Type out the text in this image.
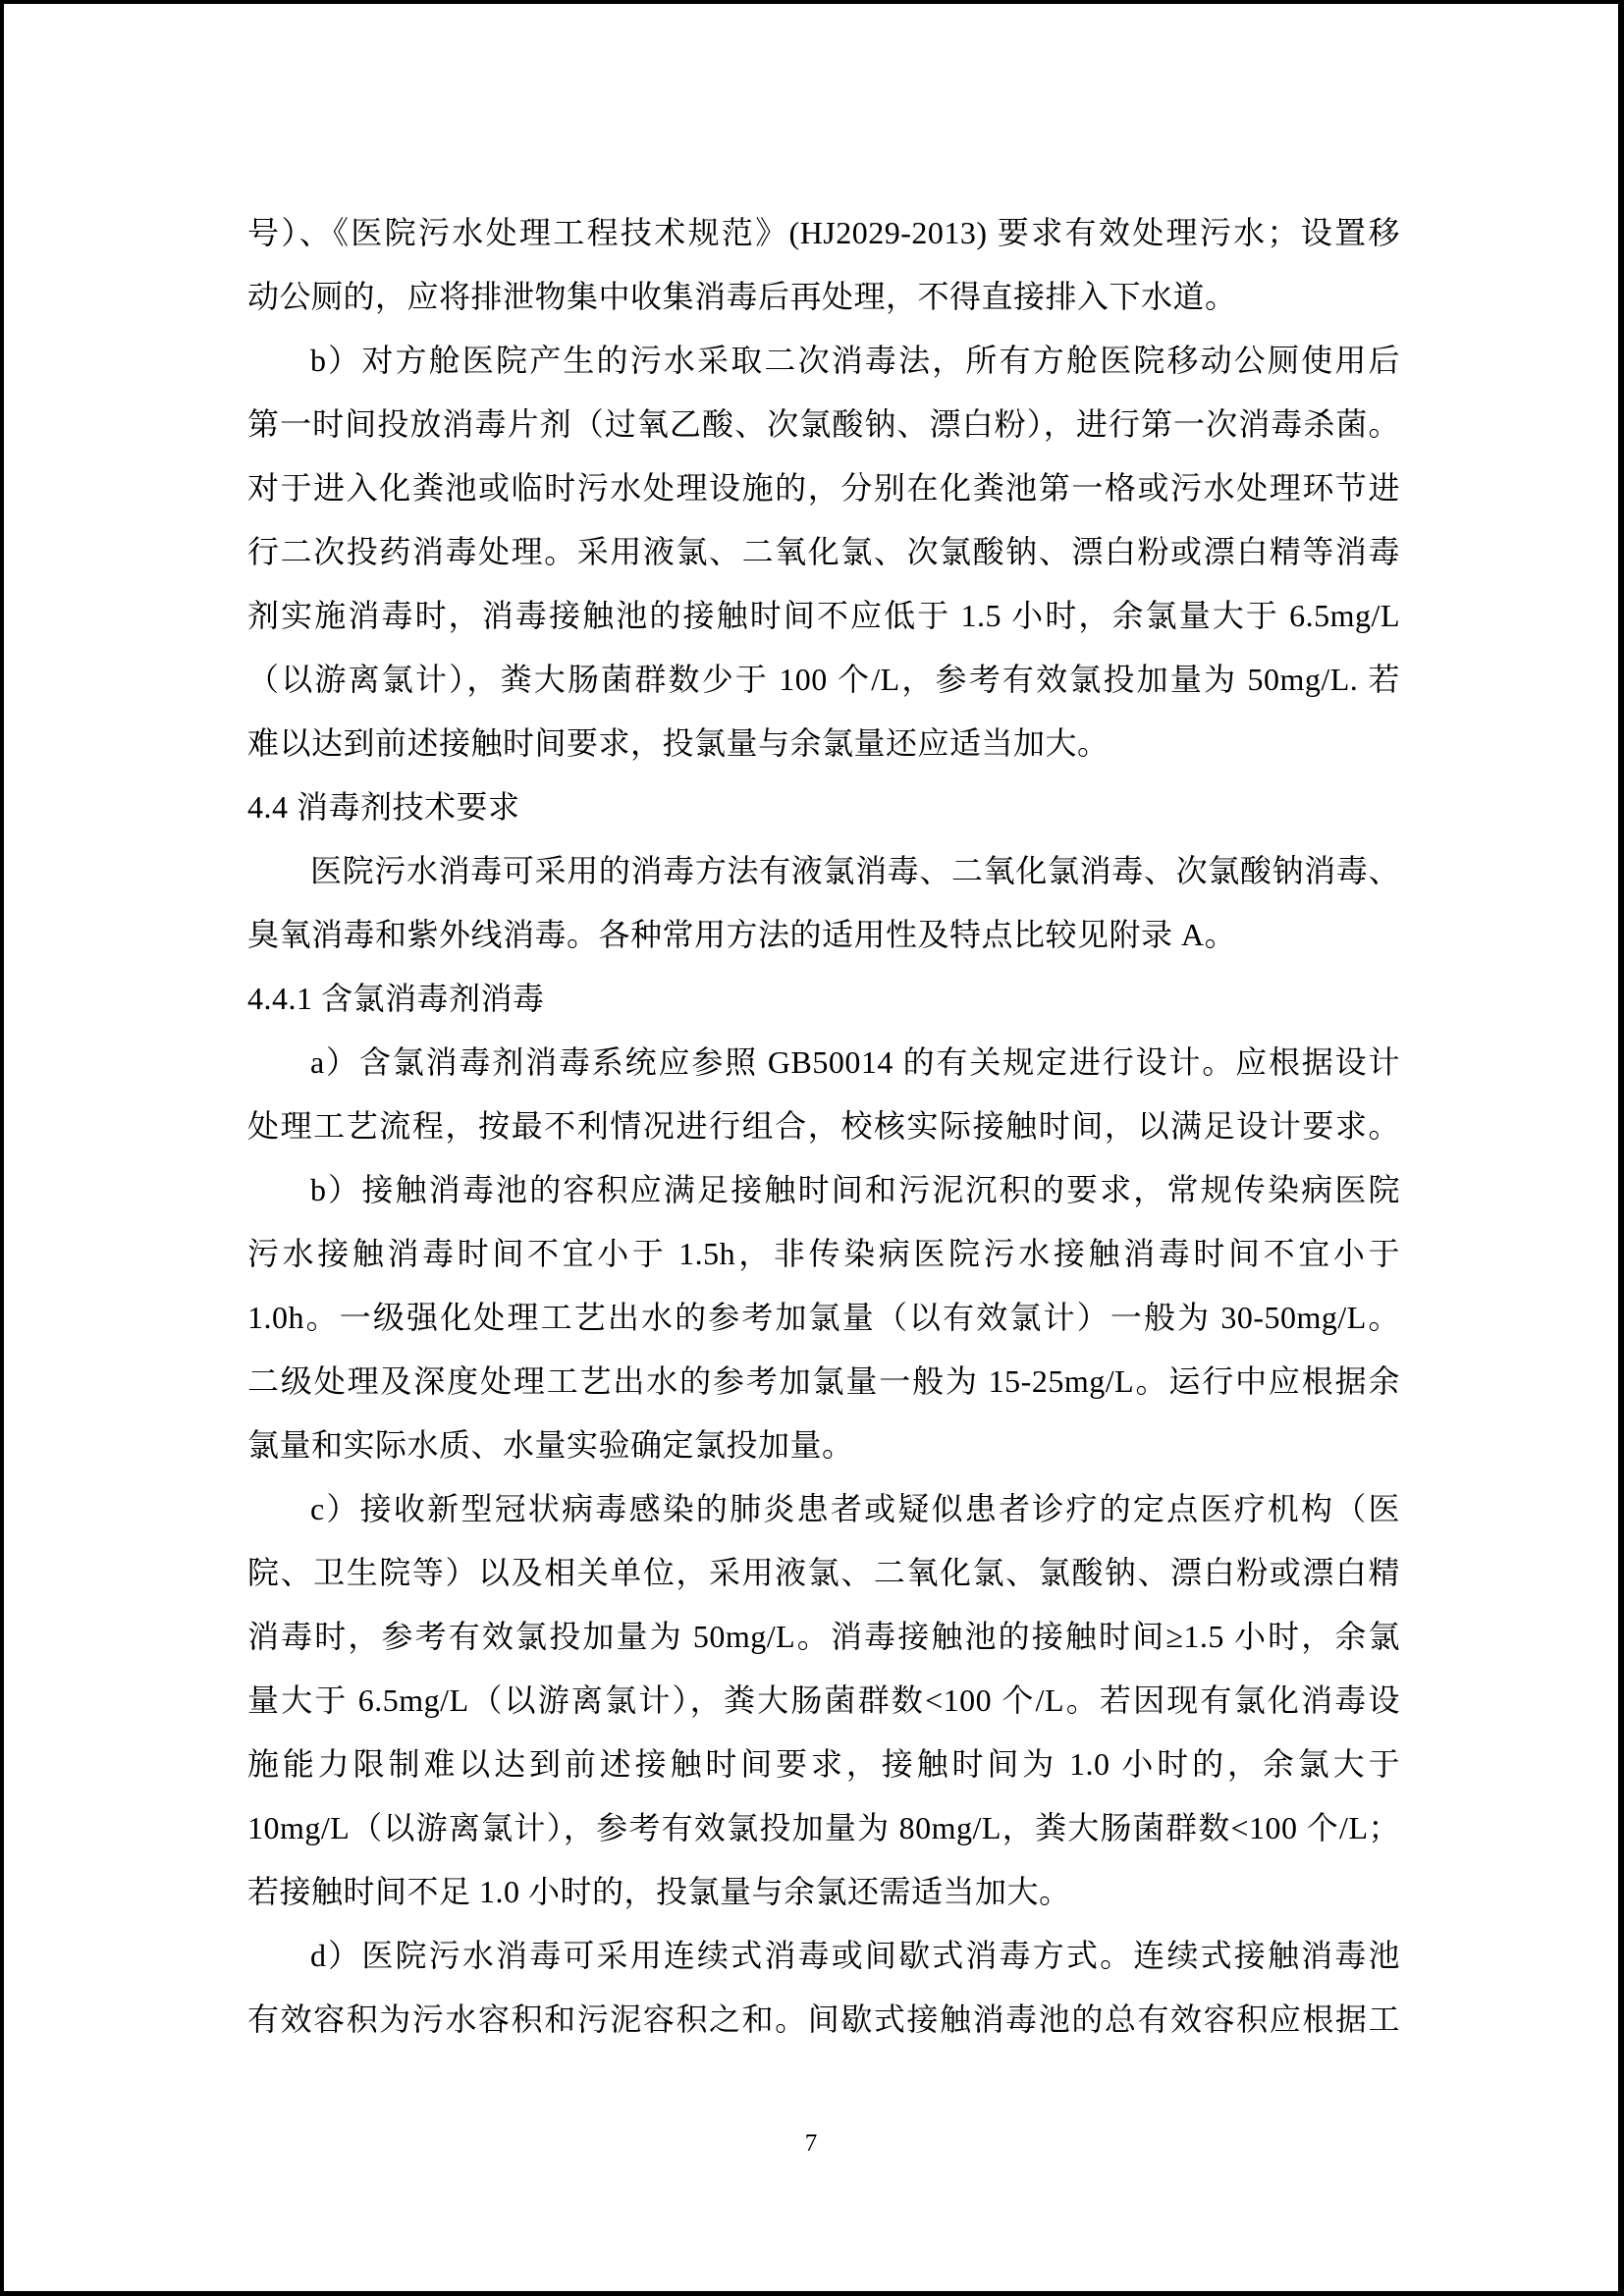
号）、《医院污水处理工程技术规范》(HJ2029-2013) 要求有效处理污水；设置移
动公厕的，应将排泄物集中收集消毒后再处理，不得直接排入下水道。
b）对方舱医院产生的污水采取二次消毒法，所有方舱医院移动公厕使用后
第一时间投放消毒片剂（过氧乙酸、次氯酸钠、漂白粉），进行第一次消毒杀菌。
对于进入化粪池或临时污水处理设施的，分别在化粪池第一格或污水处理环节进
行二次投药消毒处理。采用液氯、二氧化氯、次氯酸钠、漂白粉或漂白精等消毒
剂实施消毒时，消毒接触池的接触时间不应低于 1.5 小时，余氯量大于 6.5mg/L
（以游离氯计），粪大肠菌群数少于 100 个/L，参考有效氯投加量为 50mg/L. 若
难以达到前述接触时间要求，投氯量与余氯量还应适当加大。
4.4 消毒剂技术要求
医院污水消毒可采用的消毒方法有液氯消毒、二氧化氯消毒、次氯酸钠消毒、
臭氧消毒和紫外线消毒。各种常用方法的适用性及特点比较见附录 A。
4.4.1 含氯消毒剂消毒
a）含氯消毒剂消毒系统应参照 GB50014 的有关规定进行设计。应根据设计
处理工艺流程，按最不利情况进行组合，校核实际接触时间，以满足设计要求。
b）接触消毒池的容积应满足接触时间和污泥沉积的要求，常规传染病医院
污水接触消毒时间不宜小于 1.5h，非传染病医院污水接触消毒时间不宜小于
1.0h。一级强化处理工艺出水的参考加氯量（以有效氯计）一般为 30-50mg/L。
二级处理及深度处理工艺出水的参考加氯量一般为 15-25mg/L。运行中应根据余
氯量和实际水质、水量实验确定氯投加量。
c）接收新型冠状病毒感染的肺炎患者或疑似患者诊疗的定点医疗机构（医
院、卫生院等）以及相关单位，采用液氯、二氧化氯、氯酸钠、漂白粉或漂白精
消毒时，参考有效氯投加量为 50mg/L。消毒接触池的接触时间≥1.5 小时，余氯
量大于 6.5mg/L（以游离氯计），粪大肠菌群数<100 个/L。若因现有氯化消毒设
施能力限制难以达到前述接触时间要求，接触时间为 1.0 小时的，余氯大于
10mg/L（以游离氯计），参考有效氯投加量为 80mg/L，粪大肠菌群数<100 个/L；
若接触时间不足 1.0 小时的，投氯量与余氯还需适当加大。
d）医院污水消毒可采用连续式消毒或间歇式消毒方式。连续式接触消毒池
有效容积为污水容积和污泥容积之和。间歇式接触消毒池的总有效容积应根据工
7
